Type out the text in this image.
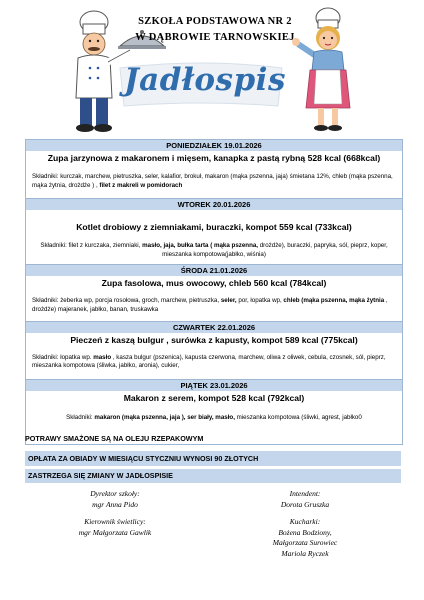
SZKOŁA PODSTAWOWA NR 2
W DĄBROWIE TARNOWSKIEJ
Jadłospis
PONIEDZIAŁEK 19.01.2026
Zupa jarzynowa z makaronem i mięsem, kanapka z pastą rybną 528 kcal (668kcal)
Składniki: kurczak, marchew, pietruszka, seler, kalafior, brokuł, makaron (mąka pszenna, jaja) śmietana 12%, chleb (mąka pszenna, mąka żytnia, drożdże ) , filet z makreli w pomidorach
WTOREK 20.01.2026
Kotlet drobiowy z ziemniakami, buraczki, kompot 559 kcal (733kcal)
Składniki: filet z kurczaka, ziemniaki, masło, jaja, bułka tarta ( mąka pszenna, drożdże), buraczki, papryka, sól, pieprz, koper, mieszanka kompotowa(jabłko, wiśnia)
ŚRODA 21.01.2026
Zupa fasolowa, mus owocowy, chleb 560 kcal (784kcal)
Składniki: żeberka wp, porcja rosołowa, groch, marchew, pietruszka, seler, por, łopatka wp, chleb (mąka pszenna, mąka żytnia , drożdże) majeranek, jabłko, banan, truskawka
CZWARTEK 22.01.2026
Pieczeń z kaszą bulgur , surówka z kapusty, kompot 589 kcal (775kcal)
Składniki: łopatka wp. masło , kasza bulgur (pszenica), kapusta czerwona, marchew, oliwa z oliwek, cebula, czosnek, sól, pieprz, mieszanka kompotowa (śliwka, jabłko, aronia), cukier,
PIĄTEK 23.01.2026
Makaron z serem, kompot 528 kcal (792kcal)
Składniki: makaron (mąka pszenna, jaja ), ser biały, masło, mieszanka kompotowa (śliwki, agrest, jabłko0
POTRAWY SMAŻONE SĄ NA OLEJU RZEPAKOWYM
OPŁATA ZA OBIADY W MIESIĄCU STYCZNIU WYNOSI 90 ZŁOTYCH
ZASTRZEGA SIĘ ZMIANY W JADŁOSPISIE
Dyrektor szkoły:
mgr Anna Pido
Intendent:
Dorota Gruszka
Kierownik świetlicy:
mgr Małgorzata Gawlik
Kucharki:
Bożena Bodziony,
Małgorzata Surowiec
Mariola Ryczek
